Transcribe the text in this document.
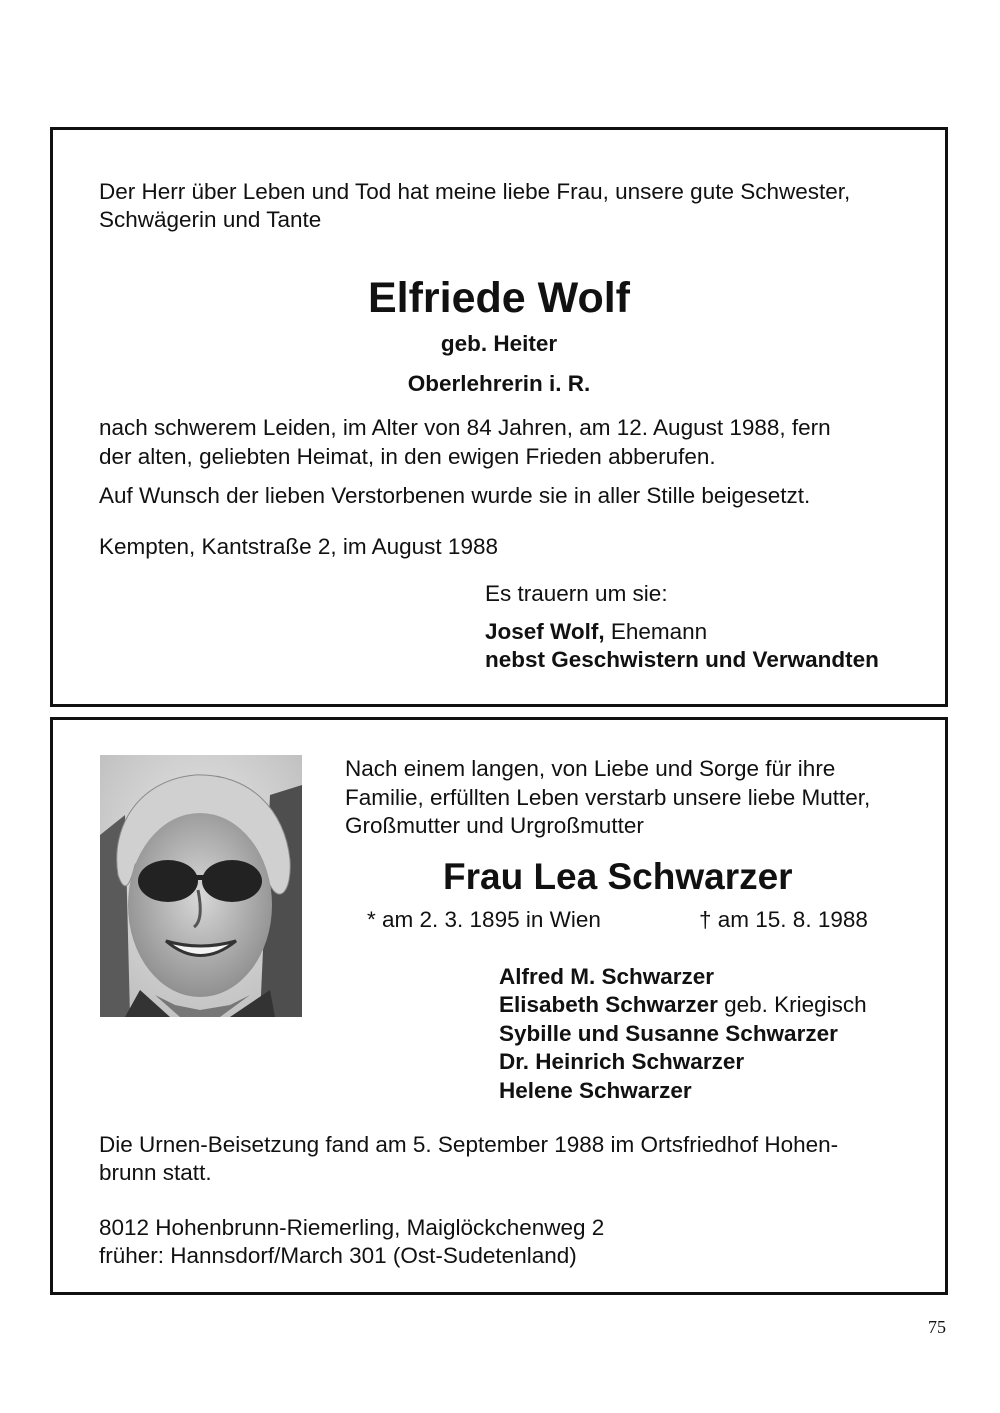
Der Herr über Leben und Tod hat meine liebe Frau, unsere gute Schwester,

Schwägerin und Tante

Elfriede Wolf

geb. Heiter

Oberlehrerin i. R.

nach schwerem Leiden, im Alter von 84 Jahren, am 12. August 1988, fern

der alten, geliebten Heimat, in den ewigen Frieden abberufen.

Auf Wunsch der lieben Verstorbenen wurde sie in aller Stille beigesetzt.

Kempten, Kantstraße 2, im August 1988

Es trauern um sie:

Josef Wolf, Ehemann

nebst Geschwistern und Verwandten

Nach einem langen, von Liebe und Sorge für ihre

Familie, erfüllten Leben verstarb unsere liebe Mutter,

Großmutter und Urgroßmutter

Frau Lea Schwarzer

* am 2. 3. 1895 in Wien	† am 15. 8. 1988

Alfred M. Schwarzer

Elisabeth Schwarzer geb. Kriegisch

Sybille und Susanne Schwarzer

Dr. Heinrich Schwarzer

Helene Schwarzer

Die Urnen-Beisetzung fand am 5. September 1988 im Ortsfriedhof Hohen-

brunn statt.

8012 Hohenbrunn-Riemerling, Maiglöckchenweg 2

früher: Hannsdorf/March 301 (Ost-Sudetenland)

75
